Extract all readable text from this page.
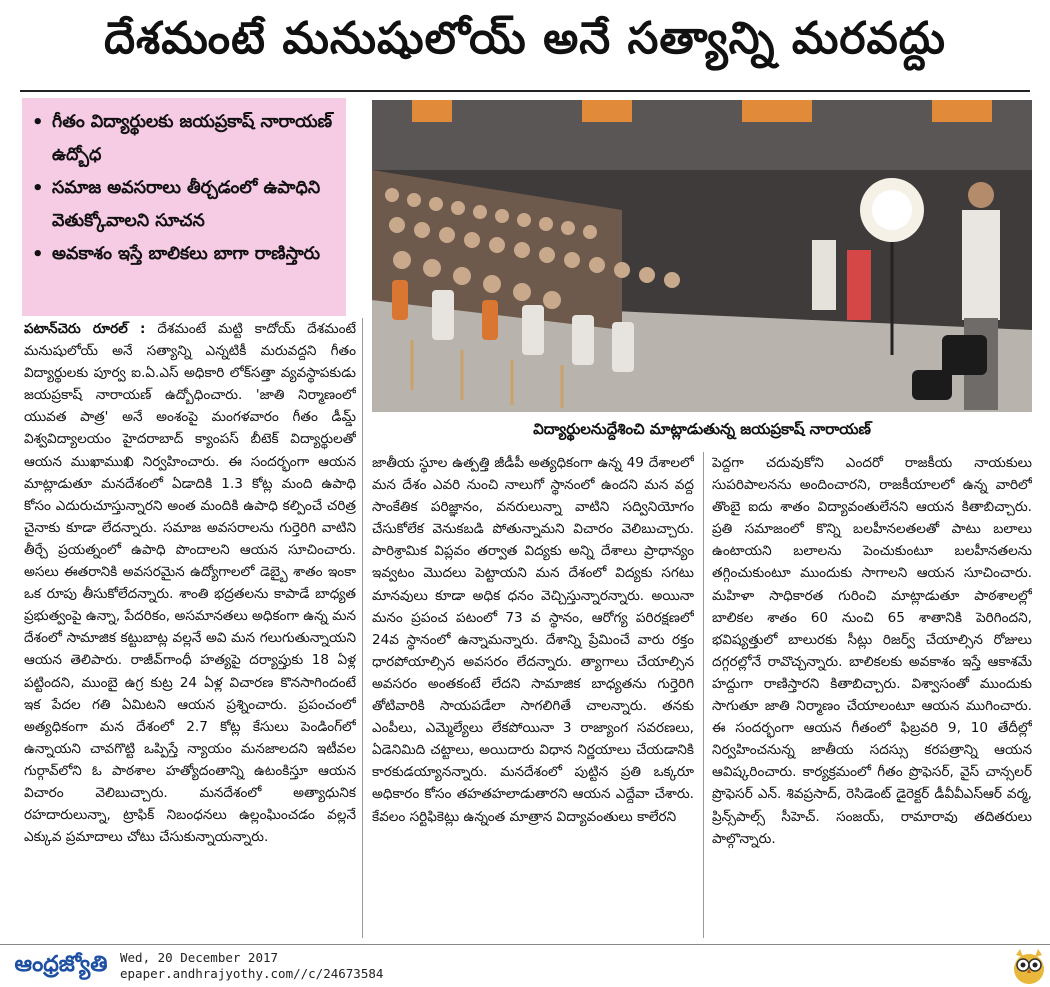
దేశమంటే మనుషులోయ్‌ అనే సత్యాన్ని మరవద్దు
• గీతం విద్యార్థులకు జయప్రకాష్‌ నారాయణ్‌ ఉద్బోధ
• సమాజ అవసరాలు తీర్చడంలో ఉపాధిని వెతుక్కోవాలని సూచన
• అవకాశం ఇస్తే బాలికలు బాగా రాణిస్తారు
విద్యార్థులనుద్దేశించి మాట్లాడుతున్న జయప్రకాష్‌ నారాయణ్‌

పటాన్‌చెరు రూరల్‌ : దేశమంటే మట్టి కాదోయ్‌ దేశమంటే మనుషులోయ్‌ అనే సత్యాన్ని ఎన్నటికీ మరువద్దని గీతం విద్యార్థులకు పూర్వ ఐ.ఏ.ఎస్‌ అధికారి లోక్‌సత్తా వ్యవస్థాపకుడు జయప్రకాష్‌ నారాయణ్‌ ఉద్బోధించారు. 'జాతి నిర్మాణంలో యువత పాత్ర' అనే అంశంపై మంగళవారం గీతం డీమ్డ్‌ విశ్వవిద్యాలయం హైదరాబాద్‌ క్యాంపస్‌ బీటెక్‌ విద్యార్థులతో ఆయన ముఖాముఖి నిర్వహించారు. ఈ సందర్భంగా ఆయన మాట్లాడుతూ మనదేశంలో ఏడాదికి 1.3 కోట్ల మంది ఉపాధి కోసం ఎదురుచూస్తున్నారని అంత మందికి ఉపాధి కల్పించే చరిత్ర చైనాకు కూడా లేదన్నారు. సమాజ అవసరాలను గుర్తెరిగి వాటిని తీర్చే ప్రయత్నంలో ఉపాధి పొందాలని ఆయన సూచించారు. అసలు ఈతరానికి అవసరమైన ఉద్యోగాలలో డెబ్బై శాతం ఇంకా ఒక రూపు తీసుకోలేదన్నారు. శాంతి భద్రతలను కాపాడే బాధ్యత ప్రభుత్వంపై ఉన్నా, పేదరికం, అసమానతలు అధికంగా ఉన్న మన దేశంలో సామాజిక కట్టుబాట్ల వల్లనే అవి మన గలుగుతున్నాయని ఆయన తెలిపారు. రాజీవ్‌గాంధీ హత్యపై దర్యాప్తుకు 18 ఏళ్ల పట్టిందని, ముంబై ఉగ్ర కుట్ర 24 ఏళ్ల విచారణ కొనసాగిందంటే ఇక పేదల గతి ఏమిటని ఆయన ప్రశ్నించారు. ప్రపంచంలో అత్యధికంగా మన దేశంలో 2.7 కోట్ల కేసులు పెండింగ్‌లో ఉన్నాయని చావగొట్టి ఒప్పిస్తే న్యాయం మనజాలదని ఇటీవల గుర్గావ్‌లోని ఓ పాఠశాల హత్యోదంతాన్ని ఉటంకిస్తూ ఆయన విచారం వెలిబుచ్చారు. మనదేశంలో అత్యాధునిక రహదారులున్నా, ట్రాఫిక్‌ నిబంధనలు ఉల్లంఘించడం వల్లనే ఎక్కువ ప్రమాదాలు చోటు చేసుకున్నాయన్నారు.

జాతీయ స్థూల ఉత్పత్తి జీడీపీ అత్యధికంగా ఉన్న 49 దేశాలలో మన దేశం ఎవరి నుంచి నాలుగో స్థానంలో ఉందని మన వద్ద సాంకేతిక పరిజ్ఞానం, వనరులున్నా వాటిని సద్వినియోగం చేసుకోలేక వెనుకబడి పోతున్నామని విచారం వెలిబుచ్చారు. పారిశ్రామిక విప్లవం తర్వాత విద్యకు అన్ని దేశాలు ప్రాధాన్యం ఇవ్వటం మొదలు పెట్టాయని మన దేశంలో విద్యకు సగటు మానవులు కూడా అధిక ధనం వెచ్చిస్తున్నారన్నారు. అయినా మనం ప్రపంచ పటంలో 73 వ స్థానం, ఆరోగ్య పరిరక్షణలో 24వ స్థానంలో ఉన్నామన్నారు. దేశాన్ని ప్రేమించే వారు రక్తం ధారపోయాల్సిన అవసరం లేదన్నారు. త్యాగాలు చేయాల్సిన అవసరం అంతకంటే లేదని సామాజిక బాధ్యతను గుర్తెరిగి తోటివారికి సాయపడేలా సాగలిగితే చాలన్నారు. తనకు ఎంపీలు, ఎమ్మెల్యేలు లేకపోయినా 3 రాజ్యాంగ సవరణలు, ఏడెనిమిది చట్టాలు, అయిదారు విధాన నిర్ణయాలు చేయడానికి కారకుడయ్యానన్నారు. మనదేశంలో పుట్టిన ప్రతి ఒక్కరూ అధికారం కోసం తహతహలాడుతారని ఆయన ఎద్దేవా చేశారు. కేవలం సర్టిఫికెట్లు ఉన్నంత మాత్రాన విద్యావంతులు కాలేరని

పెద్దగా చదువుకోని ఎందరో రాజకీయ నాయకులు సుపరిపాలనను అందించారని, రాజకీయాలలో ఉన్న వారిలో తొంబై ఐదు శాతం విద్యావంతులేనని ఆయన కితాబిచ్చారు. ప్రతి సమాజంలో కొన్ని బలహీనలతలతో పాటు బలాలు ఉంటాయని బలాలను పెంచుకుంటూ బలహీనతలను తగ్గించుకుంటూ ముందుకు సాగాలని ఆయన సూచించారు. మహిళా సాధికారత గురించి మాట్లాడుతూ పాఠశాలల్లో బాలికల శాతం 60 నుంచి 65 శాతానికి పెరిగిందని, భవిష్యత్తులో బాలురకు సీట్లు రిజర్వ్‌ చేయాల్సిన రోజులు దగ్గరల్లోనే రావొచ్చన్నారు. బాలికలకు అవకాశం ఇస్తే ఆకాశమే హద్దుగా రాణిస్తారని కితాబిచ్చారు. విశ్వాసంతో ముందుకు సాగుతూ జాతి నిర్మాణం చేయాలంటూ ఆయన ముగించారు. ఈ సందర్భంగా ఆయన గీతంలో ఫిబ్రవరి 9, 10 తేదీల్లో నిర్వహించనున్న జాతీయ సదస్సు కరపత్రాన్ని ఆయన ఆవిష్కరించారు. కార్యక్రమంలో గీతం ప్రొఫెసర్‌, వైస్‌ చాన్సలర్‌ ప్రొఫెసర్‌ ఎన్‌. శివప్రసాద్‌, రెసిడెంట్‌ డైరెక్టర్‌ డీవీవీఎస్‌ఆర్‌ వర్మ, ప్రిన్స్‌పాల్స్‌ సీహెచ్‌. సంజయ్‌, రామారావు తదితరులు పాల్గొన్నారు.

ఆంధ్రజ్యోతి Wed, 20 December 2017
epaper.andhrajyothy.com//c/24673584
